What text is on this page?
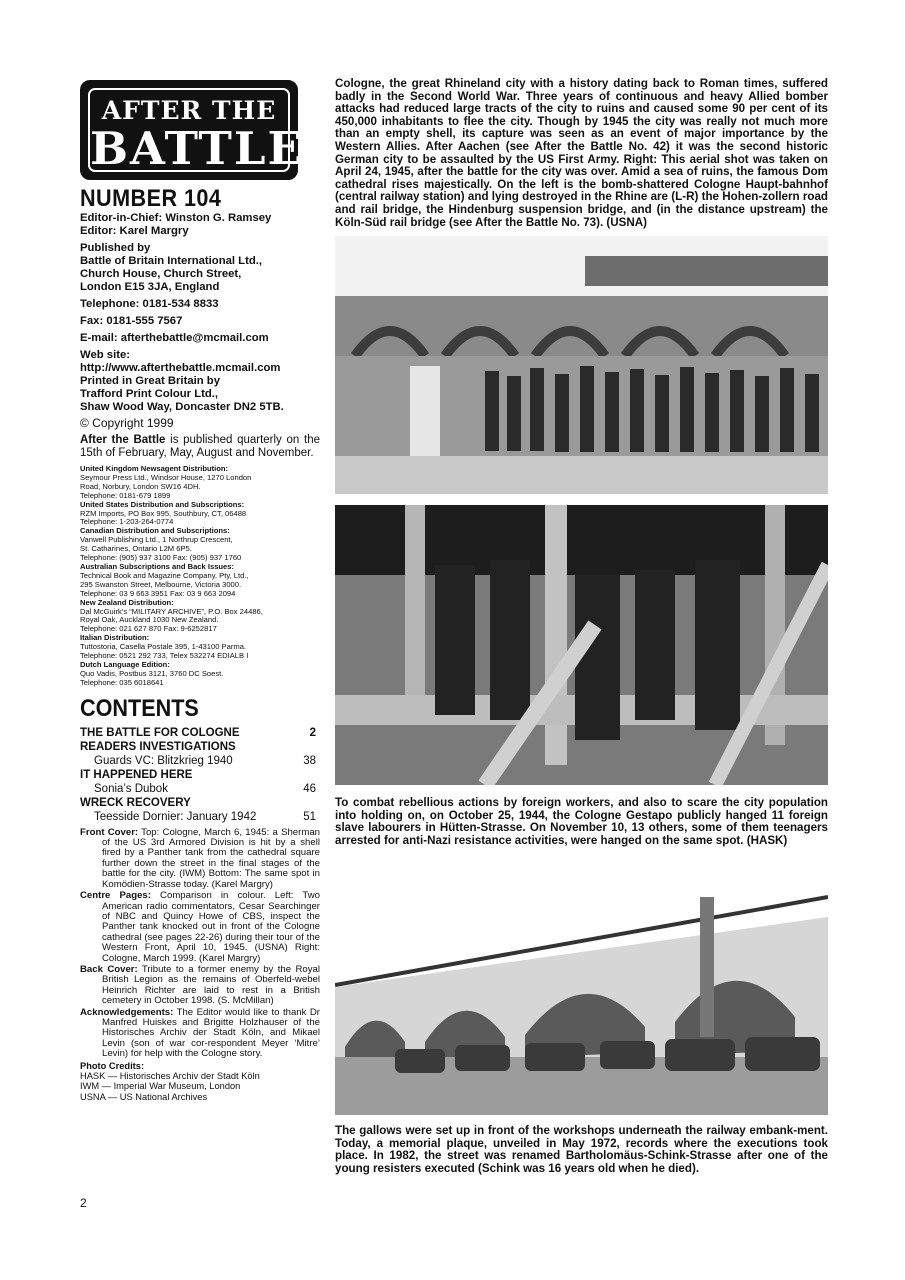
AFTER THE
BATTLE
NUMBER 104
Editor-in-Chief: Winston G. Ramsey
Editor: Karel Margry
Published by
Battle of Britain International Ltd.,
Church House, Church Street,
London E15 3JA, England
Telephone: 0181-534 8833
Fax: 0181-555 7567
E-mail: afterthebattle@mcmail.com
Web site:
http://www.afterthebattle.mcmail.com
Printed in Great Britain by
Trafford Print Colour Ltd.,
Shaw Wood Way, Doncaster DN2 5TB.
© Copyright 1999
After the Battle is published quarterly on the 15th of February, May, August and November.
United Kingdom Newsagent Distribution:
Seymour Press Ltd., Windsor House, 1270 London
Road, Norbury, London SW16 4DH.
Telephone: 0181-679 1899
United States Distribution and Subscriptions:
RZM Imports, PO Box 995, Southbury, CT, 06488
Telephone: 1-203-264-0774
Canadian Distribution and Subscriptions:
Vanwell Publishing Ltd., 1 Northrup Crescent,
St. Catharines, Ontario L2M 6P5.
Telephone: (905) 937 3100 Fax: (905) 937 1760
Australian Subscriptions and Back Issues:
Technical Book and Magazine Company, Pty, Ltd.,
295 Swanston Street, Melbourne, Victoria 3000.
Telephone: 03 9 663 3951 Fax: 03 9 663 2094
New Zealand Distribution:
Dal McGuirk’s “MILITARY ARCHIVE”, P.O. Box 24486,
Royal Oak, Auckland 1030 New Zealand.
Telephone: 021 627 870 Fax: 9-6252817
Italian Distribution:
Tuttostoria, Casella Postale 395, 1-43100 Parma.
Telephone: 0521 292 733, Telex 532274 EDIALB I
Dutch Language Edition:
Quo Vadis, Postbus 3121, 3760 DC Soest.
Telephone: 035 6018641
CONTENTS
THE BATTLE FOR COLOGNE	2
READERS INVESTIGATIONS
Guards VC: Blitzkrieg 1940	38
IT HAPPENED HERE
Sonia’s Dubok	46
WRECK RECOVERY
Teesside Dornier: January 1942	51
Front Cover: Top: Cologne, March 6, 1945: a Sherman of the US 3rd Armored Division is hit by a shell fired by a Panther tank from the cathedral square further down the street in the final stages of the battle for the city. (IWM) Bottom: The same spot in Komödien-Strasse today. (Karel Margry)
Centre Pages: Comparison in colour. Left: Two American radio commentators, Cesar Searchinger of NBC and Quincy Howe of CBS, inspect the Panther tank knocked out in front of the Cologne cathedral (see pages 22-26) during their tour of the Western Front, April 10, 1945. (USNA) Right: Cologne, March 1999. (Karel Margry)
Back Cover: Tribute to a former enemy by the Royal British Legion as the remains of Oberfeld-webel Heinrich Richter are laid to rest in a British cemetery in October 1998. (S. McMillan)
Acknowledgements: The Editor would like to thank Dr Manfred Huiskes and Brigitte Holzhauser of the Historisches Archiv der Stadt Köln, and Mikael Levin (son of war cor-respondent Meyer ‘Mitre’ Levin) for help with the Cologne story.
Photo Credits:
HASK — Historisches Archiv der Stadt Köln
IWM — Imperial War Museum, London
USNA — US National Archives
Cologne, the great Rhineland city with a history dating back to Roman times, suffered badly in the Second World War. Three years of continuous and heavy Allied bomber attacks had reduced large tracts of the city to ruins and caused some 90 per cent of its 450,000 inhabitants to flee the city. Though by 1945 the city was really not much more than an empty shell, its capture was seen as an event of major importance by the Western Allies. After Aachen (see After the Battle No. 42) it was the second historic German city to be assaulted by the US First Army. Right: This aerial shot was taken on April 24, 1945, after the battle for the city was over. Amid a sea of ruins, the famous Dom cathedral rises majestically. On the left is the bomb-shattered Cologne Haupt-bahnhof (central railway station) and lying destroyed in the Rhine are (L-R) the Hohen-zollern road and rail bridge, the Hindenburg suspension bridge, and (in the distance upstream) the Köln-Süd rail bridge (see After the Battle No. 73). (USNA)
To combat rebellious actions by foreign workers, and also to scare the city population into holding on, on October 25, 1944, the Cologne Gestapo publicly hanged 11 foreign slave labourers in Hütten-Strasse. On November 10, 13 others, some of them teenagers arrested for anti-Nazi resistance activities, were hanged on the same spot. (HASK)
The gallows were set up in front of the workshops underneath the railway embank-ment. Today, a memorial plaque, unveiled in May 1972, records where the executions took place. In 1982, the street was renamed Bartholomäus-Schink-Strasse after one of the young resisters executed (Schink was 16 years old when he died).
2
